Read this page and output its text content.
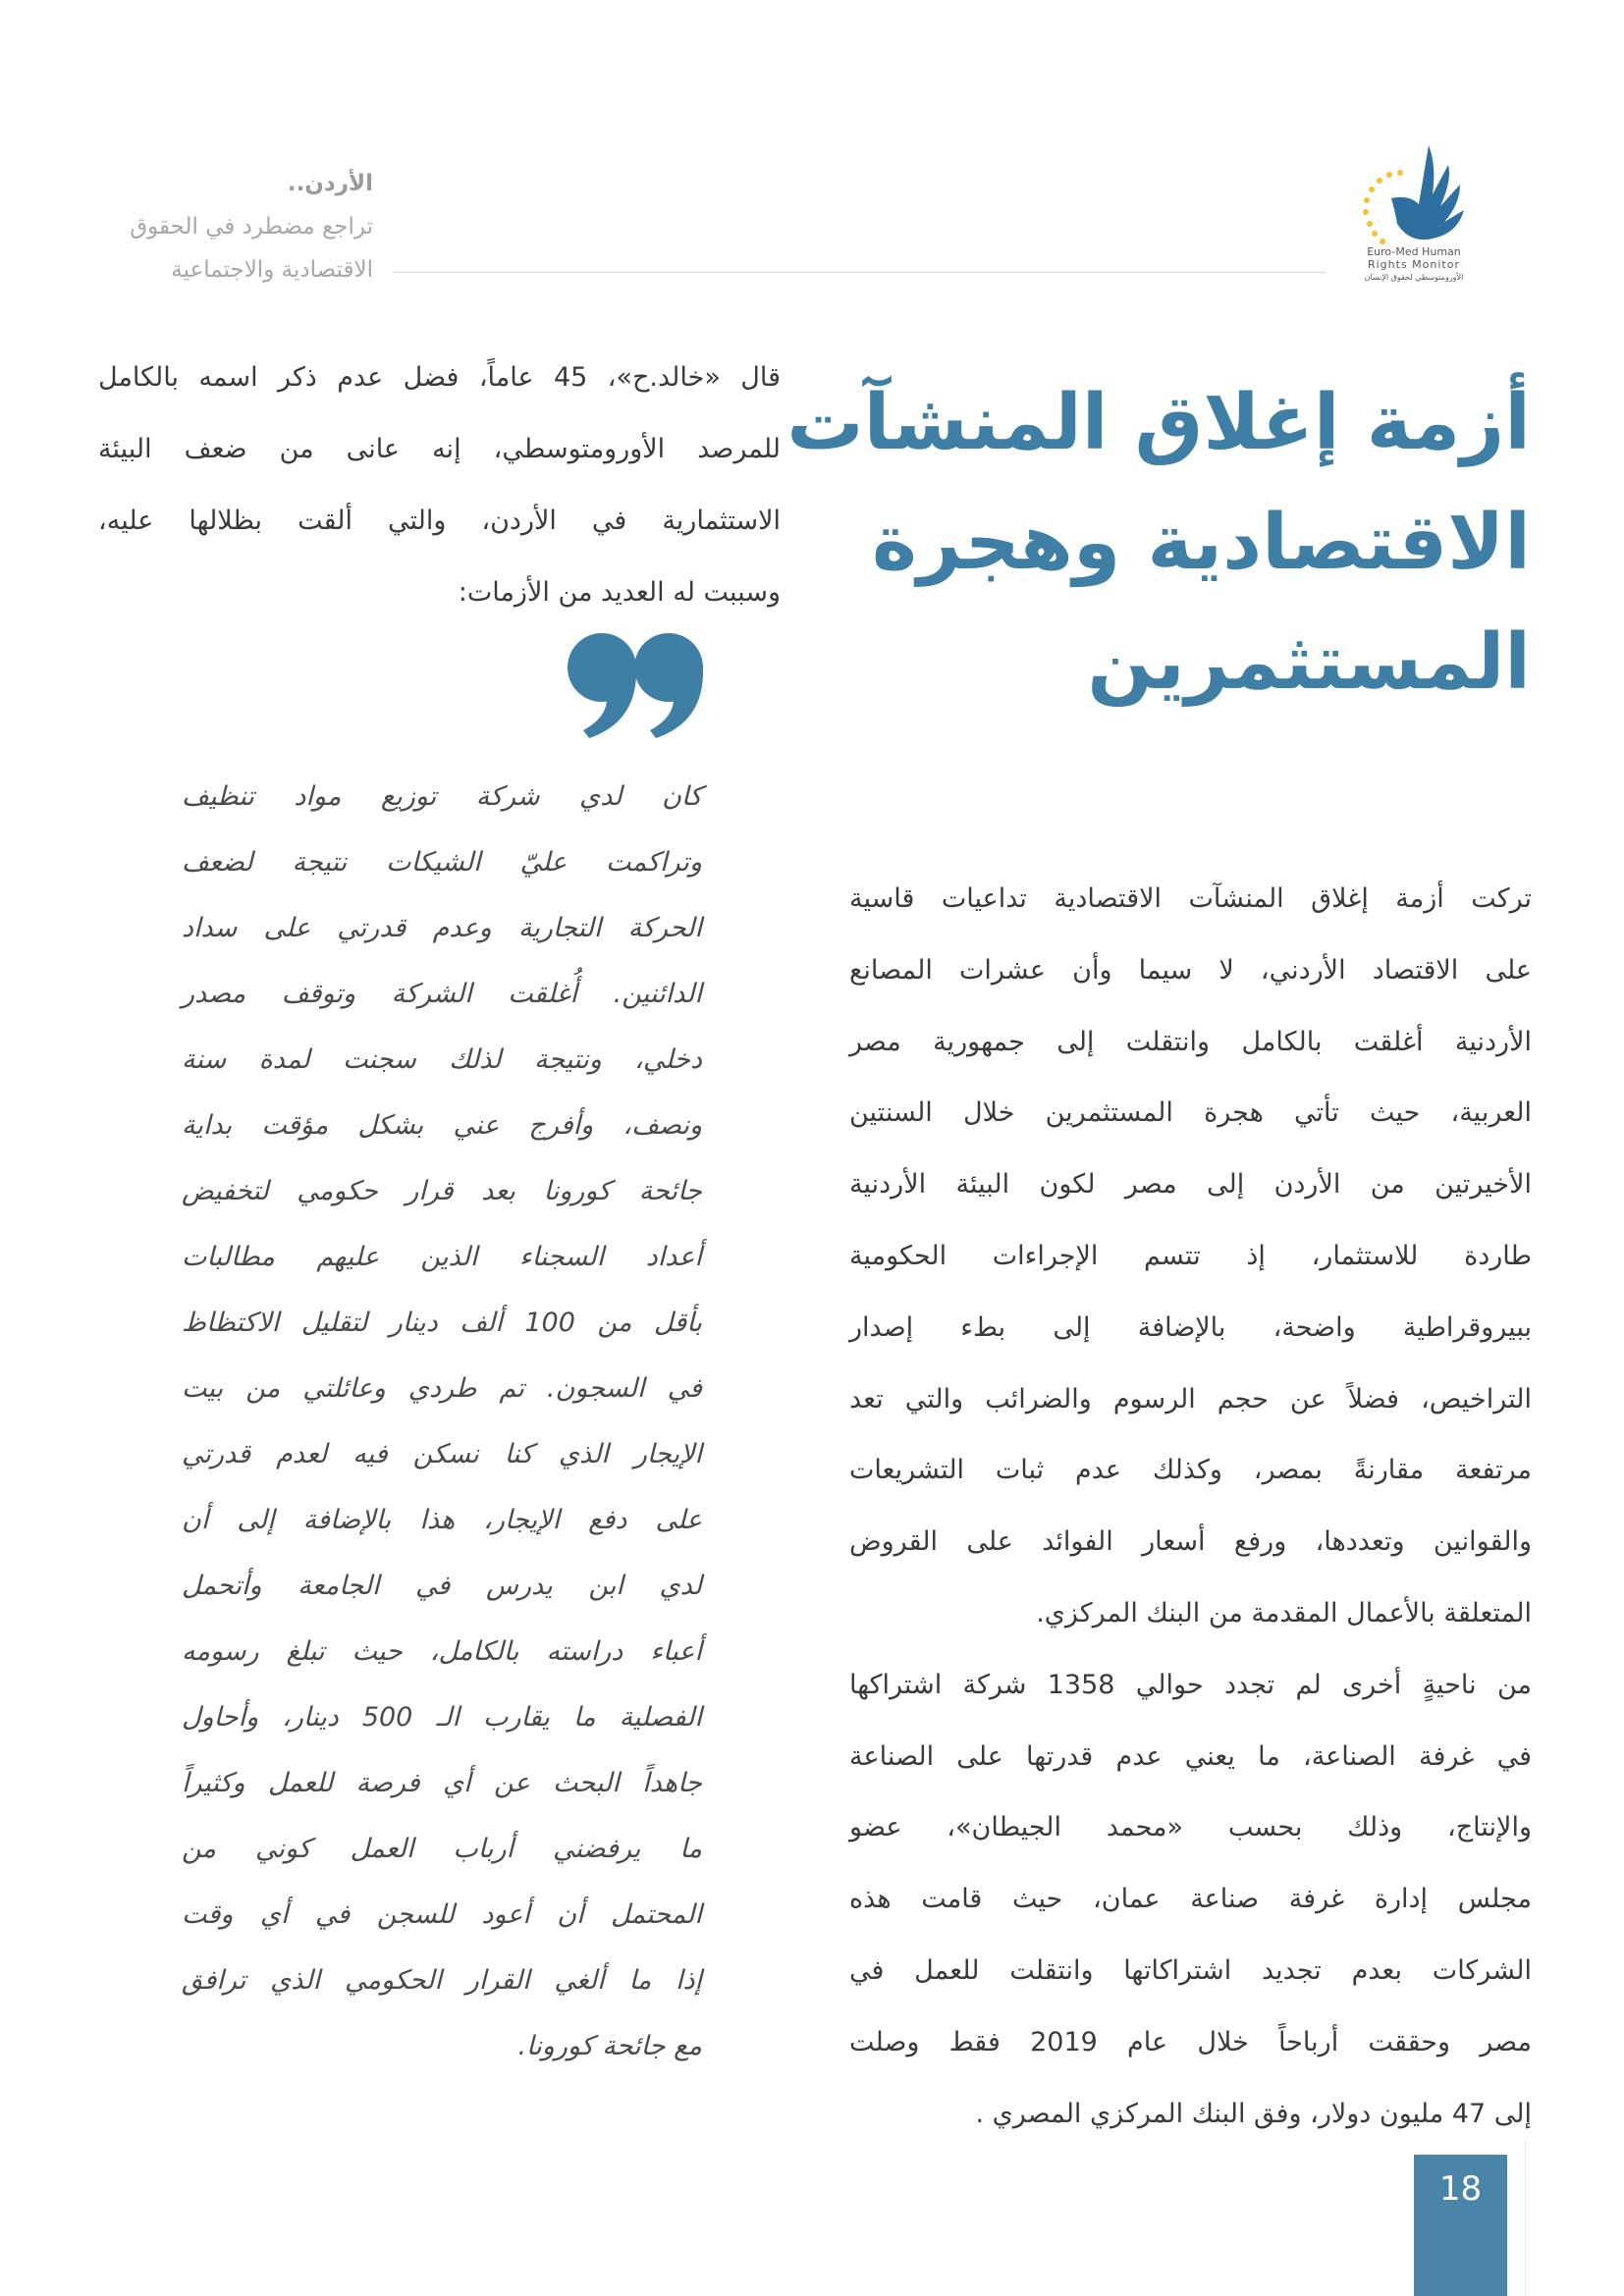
الأردن..
تراجع مضطرد في الحقوق
الاقتصادية والاجتماعية
Euro-Med Human
Rights Monitor
الأورومتوسطي لحقوق الإنسان
أزمة إغلاق المنشآت
الاقتصادية وهجرة
المستثمرين
تركت أزمة إغلاق المنشآت الاقتصادية تداعيات قاسية
على الاقتصاد الأردني، لا سيما وأن عشرات المصانع
الأردنية أغلقت بالكامل وانتقلت إلى جمهورية مصر
العربية، حيث تأتي هجرة المستثمرين خلال السنتين
الأخيرتين من الأردن إلى مصر لكون البيئة الأردنية
طاردة للاستثمار، إذ تتسم الإجراءات الحكومية
ببيروقراطية واضحة، بالإضافة إلى بطء إصدار
التراخيص، فضلاً عن حجم الرسوم والضرائب والتي تعد
مرتفعة مقارنةً بمصر، وكذلك عدم ثبات التشريعات
والقوانين وتعددها، ورفع أسعار الفوائد على القروض
المتعلقة بالأعمال المقدمة من البنك المركزي.
من ناحيةٍ أخرى لم تجدد حوالي 1358 شركة اشتراكها
في غرفة الصناعة، ما يعني عدم قدرتها على الصناعة
والإنتاج، وذلك بحسب «محمد الجيطان»، عضو
مجلس إدارة غرفة صناعة عمان، حيث قامت هذه
الشركات بعدم تجديد اشتراكاتها وانتقلت للعمل في
مصر وحققت أرباحاً خلال عام 2019 فقط وصلت
إلى 47 مليون دولار، وفق البنك المركزي المصري .
قال «خالد.ح»، 45 عاماً، فضل عدم ذكر اسمه بالكامل
للمرصد الأورومتوسطي، إنه عانى من ضعف البيئة
الاستثمارية في الأردن، والتي ألقت بظلالها عليه،
وسببت له العديد من الأزمات:
كان لدي شركة توزيع مواد تنظيف
وتراكمت عليّ الشيكات نتيجة لضعف
الحركة التجارية وعدم قدرتي على سداد
الدائنين. أُغلقت الشركة وتوقف مصدر
دخلي، ونتيجة لذلك سجنت لمدة سنة
ونصف، وأفرج عني بشكل مؤقت بداية
جائحة كورونا بعد قرار حكومي لتخفيض
أعداد السجناء الذين عليهم مطالبات
بأقل من 100 ألف دينار لتقليل الاكتظاظ
في السجون. تم طردي وعائلتي من بيت
الإيجار الذي كنا نسكن فيه لعدم قدرتي
على دفع الإيجار، هذا بالإضافة إلى أن
لدي ابن يدرس في الجامعة وأتحمل
أعباء دراسته بالكامل، حيث تبلغ رسومه
الفصلية ما يقارب الـ 500 دينار، وأحاول
جاهداً البحث عن أي فرصة للعمل وكثيراً
ما يرفضني أرباب العمل كوني من
المحتمل أن أعود للسجن في أي وقت
إذا ما ألغي القرار الحكومي الذي ترافق
مع جائحة كورونا.
18
